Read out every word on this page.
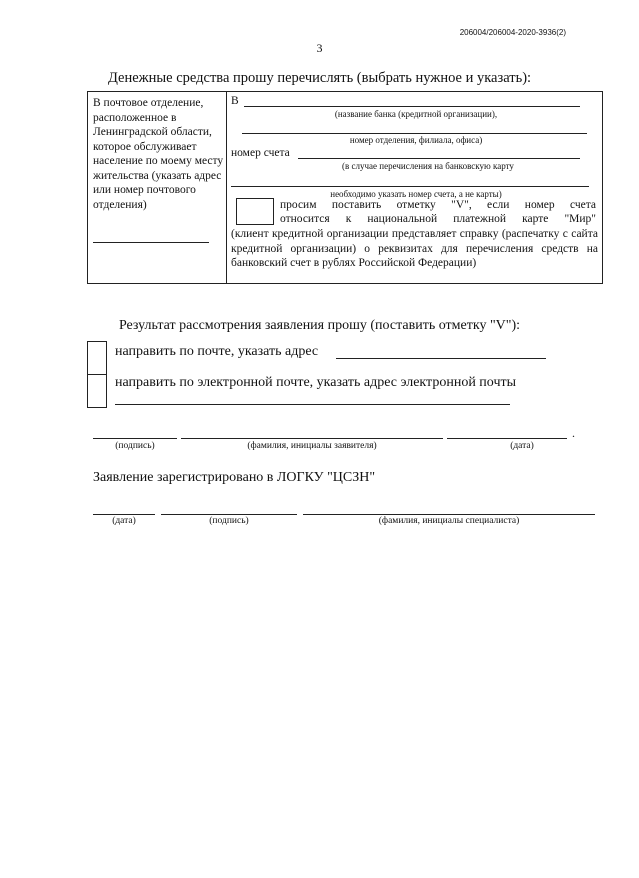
206004/206004-2020-3936(2)
3
Денежные средства прошу перечислять (выбрать нужное и указать):
В почтовое отделение, расположенное в Ленинградской области, которое обслуживает население по моему месту жительства (указать адрес или номер почтового отделения)
В
(название банка (кредитной организации),
номер отделения, филиала, офиса)
номер счета
(в случае перечисления на банковскую карту
необходимо указать номер счета, а не карты)
просим поставить отметку "V", если номер счета
относится к национальной платежной карте "Мир"
(клиент кредитной организации представляет справку (распечатку с сайта кредитной организации) о реквизитах для перечисления средств на банковский счет в рублях Российской Федерации)
Результат рассмотрения заявления прошу (поставить отметку "V"):
направить по почте, указать адрес
направить по электронной почте, указать адрес электронной почты
.
(подпись)	(фамилия, инициалы заявителя)	(дата)
Заявление зарегистрировано в ЛОГКУ "ЦСЗН"
(дата)	(подпись)	(фамилия, инициалы специалиста)
